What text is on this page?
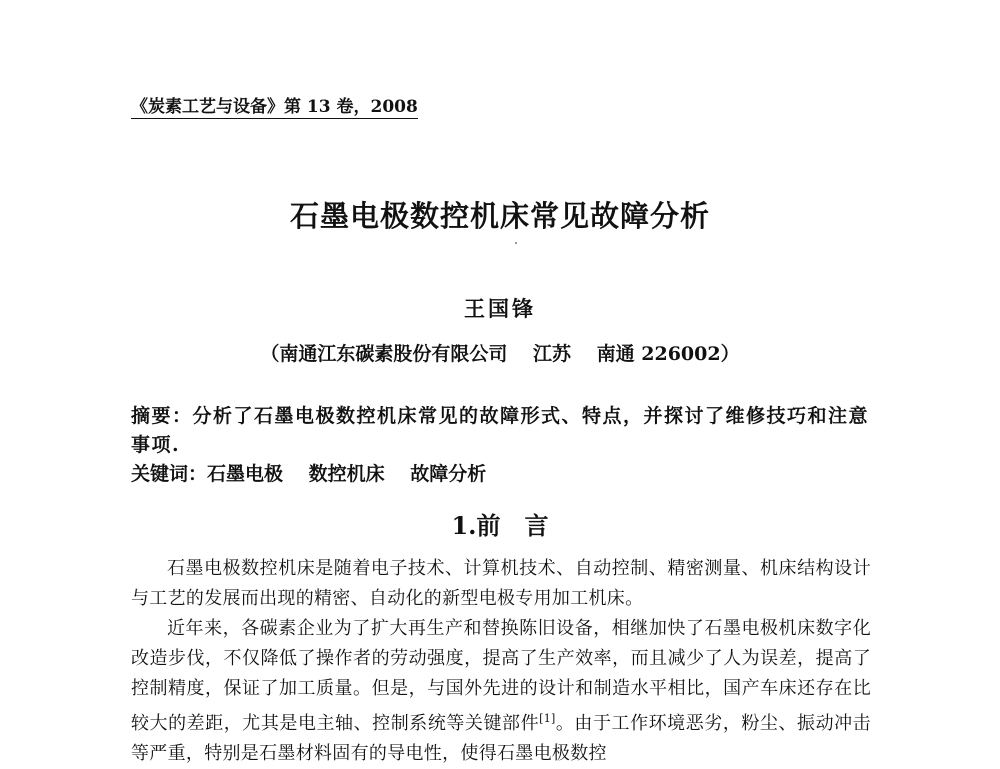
《炭素工艺与设备》第 13 卷，2008
石墨电极数控机床常见故障分析
王国锋
（南通江东碳素股份有限公司　 江苏　 南通 226002）
摘要：分析了石墨电极数控机床常见的故障形式、特点，并探讨了维修技巧和注意事项.
关键词：石墨电极　 数控机床　 故障分析
1.前　言

石墨电极数控机床是随着电子技术、计算机技术、自动控制、精密测量、机床结构设计与工艺的发展而出现的精密、自动化的新型电极专用加工机床。

近年来，各碳素企业为了扩大再生产和替换陈旧设备，相继加快了石墨电极机床数字化改造步伐，不仅降低了操作者的劳动强度，提高了生产效率，而且减少了人为误差，提高了控制精度，保证了加工质量。但是，与国外先进的设计和制造水平相比，国产车床还存在比较大的差距，尤其是电主轴、控制系统等关键部件[1]。由于工作环境恶劣，粉尘、振动冲击等严重，特别是石墨材料固有的导电性，使得石墨电极数控
